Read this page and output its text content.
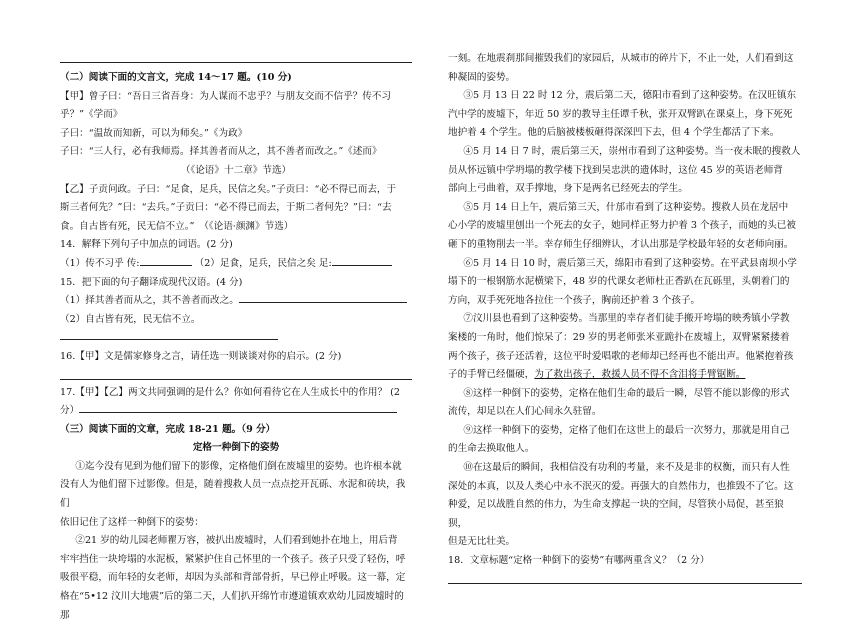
（二）阅读下面的文言文，完成 14～17 题。(10 分)

【甲】曾子曰：“吾日三省吾身：为人谋而不忠乎？与朋友交而不信乎？传不习

乎？”《学而》

子曰：“温故而知新，可以为师矣。”《为政》

子曰：“三人行，必有我师焉。择其善者而从之，其不善者而改之。”《述而》

（《论语》十二章》节选）

【乙】子贡问政。子曰：“足食，足兵，民信之矣。”子贡曰：“必不得已而去，于

斯三者何先？”曰：“去兵。”子贡曰：“必不得已而去，于斯二者何先？”曰：“去

食。自古皆有死，民无信不立。”　（《论语·颜渊》节选）

14．解释下列句子中加点的词语。(2 分)

（1）传不习乎 传:	（2）足食，足兵，民信之矣 足:

15．把下面的句子翻译成现代汉语。(4 分)

（1）择其善者而从之，其不善者而改之。

（2）自古皆有死，民无信不立。

16.【甲】文是儒家修身之言，请任选一则谈谈对你的启示。(2 分)

17.【甲】【乙】两文共同强调的是什么？你如何看待它在人生成长中的作用？ (2

分）

（三）阅读下面的文章，完成 18-21 题。（9 分）

定格一种倒下的姿势

①迄今没有见到为他们留下的影像，定格他们倒在废墟里的姿势。也许根本就

没有人为他们留下过影像。但是，随着搜救人员一点点挖开瓦砾、水泥和砖块，我们

依旧记住了这样一种倒下的姿势：

②21 岁的幼儿园老师瞿万容，被扒出废墟时，人们看到她扑在地上，用后背

牢牢挡住一块垮塌的水泥板，紧紧护住自己怀里的一个孩子。孩子只受了轻伤，呼

吸很平稳，而年轻的女老师，却因为头部和背部骨折，早已停止呼吸。这一幕，定

格在“5•12 汶川大地震”后的第二天，人们扒开绵竹市遵道镇欢欢幼儿园废墟时的那

一刻。在地震刹那间摧毁我们的家园后，从城市的碎片下，不止一处，人们看到这

种凝固的姿势。

③5 月 13 日 22 时 12 分，震后第二天，德阳市看到了这种姿势。在汉旺镇东

汽中学的废墟下，年近 50 岁的教导主任谭千秋，张开双臂趴在课桌上，身下死死

地护着 4 个学生。他的后脑被楼板砸得深深凹下去，但 4 个学生都活了下来。

④5 月 14 日 7 时，震后第三天，崇州市看到了这种姿势。当一夜未眠的搜救人

员从怀远镇中学坍塌的教学楼下找到吴忠洪的遗体时，这位 45 岁的英语老师背

部向上弓曲着，双手撑地，身下是两名已经死去的学生。

⑤5 月 14 日上午，震后第三天，什邡市看到了这种姿势。搜救人员在龙居中

心小学的废墟里刨出一个死去的女子，她同样正努力护着 3 个孩子，而她的头已被

砸下的重物削去一半。幸存师生仔细辨认，才认出那是学校最年轻的女老师向丽。

⑥5 月 14 日 10 时，震后第三天，绵阳市看到了这种姿势。在平武县南坝小学

塌下的一根钢筋水泥横梁下，48 岁的代课女老师杜正香趴在瓦砾里，头朝着门的

方向，双手死死地各拉住一个孩子，胸前还护着 3 个孩子。

⑦汶川县也看到了这种姿势。当那里的幸存者们徒手搬开垮塌的映秀镇小学教

案楼的一角时，他们惊呆了：29 岁的男老师张米亚跪扑在废墟上，双臂紧紧搂着

两个孩子，孩子还活着，这位平时爱唱歌的老师却已经再也不能出声。他紧抱着孩

子的手臂已经僵硬，为了救出孩子，救援人员不得不含泪将手臂锯断。

⑧这样一种倒下的姿势，定格在他们生命的最后一瞬，尽管不能以影像的形式

流传，却足以在人们心间永久驻留。

⑨这样一种倒下的姿势，定格了他们在这世上的最后一次努力，那就是用自己

的生命去换取他人。

⑩在这最后的瞬间，我相信没有功利的考量，来不及是非的权衡，而只有人性

深处的本真，以及人类心中永不泯灭的爱。再强大的自然伟力，也推毁不了它。这

种爱，足以战胜自然的伟力，为生命支撑起一块的空间，尽管狭小局促，甚至狼狈，

但是无比壮美。

18．文章标题“定格一种倒下的姿势”有哪两重含义？（2 分）
